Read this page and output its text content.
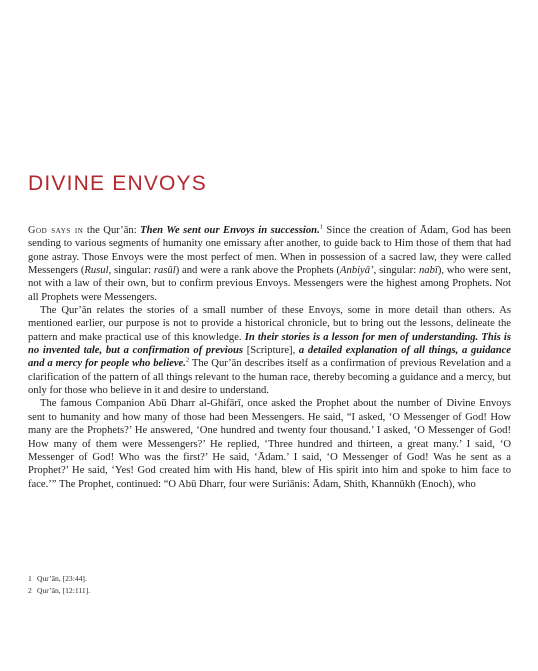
DIVINE ENVOYS

God says in the Qur’ān: Then We sent our Envoys in succession.$^1$ Since the creation of Ādam, God has been sending to various segments of humanity one emissary after another, to guide back to Him those of them that had gone astray. Those Envoys were the most perfect of men. When in possession of a sacred law, they were called Messengers (Rusul, singular: rasūl) and were a rank above the Prophets (Anbiyā’, singular: nabī), who were sent, not with a law of their own, but to confirm previous Envoys. Messengers were the highest among Prophets. Not all Prophets were Messengers.

The Qur’ān relates the stories of a small number of these Envoys, some in more detail than others. As mentioned earlier, our purpose is not to provide a historical chronicle, but to bring out the lessons, delineate the pattern and make practical use of this knowledge. In their stories is a lesson for men of understanding. This is no invented tale, but a confirmation of previous [Scripture], a detailed explanation of all things, a guidance and a mercy for people who believe.$^2$ The Qur’ān describes itself as a confirmation of previous Revelation and a clarification of the pattern of all things relevant to the human race, thereby becoming a guidance and a mercy, but only for those who believe in it and desire to understand.

The famous Companion Abū Dharr al-Ghifārī, once asked the Prophet about the number of Divine Envoys sent to humanity and how many of those had been Messengers. He said, “I asked, ‘O Messenger of God! How many are the Prophets?’ He answered, ‘One hundred and twenty four thousand.’ I asked, ‘O Messenger of God! How many of them were Messengers?’ He replied, ‘Three hundred and thirteen, a great many.’ I said, ‘O Messenger of God! Who was the first?’ He said, ‘Ādam.’ I said, ‘O Messenger of God! Was he sent as a Prophet?’ He said, ‘Yes! God created him with His hand, blew of His spirit into him and spoke to him face to face.’” The Prophet, continued: “O Abū Dharr, four were Suriānis: Ādam, Shith, Khannūkh (Enoch), who

1 Qur’ān, [23:44].
2 Qur’ān, [12:111].
